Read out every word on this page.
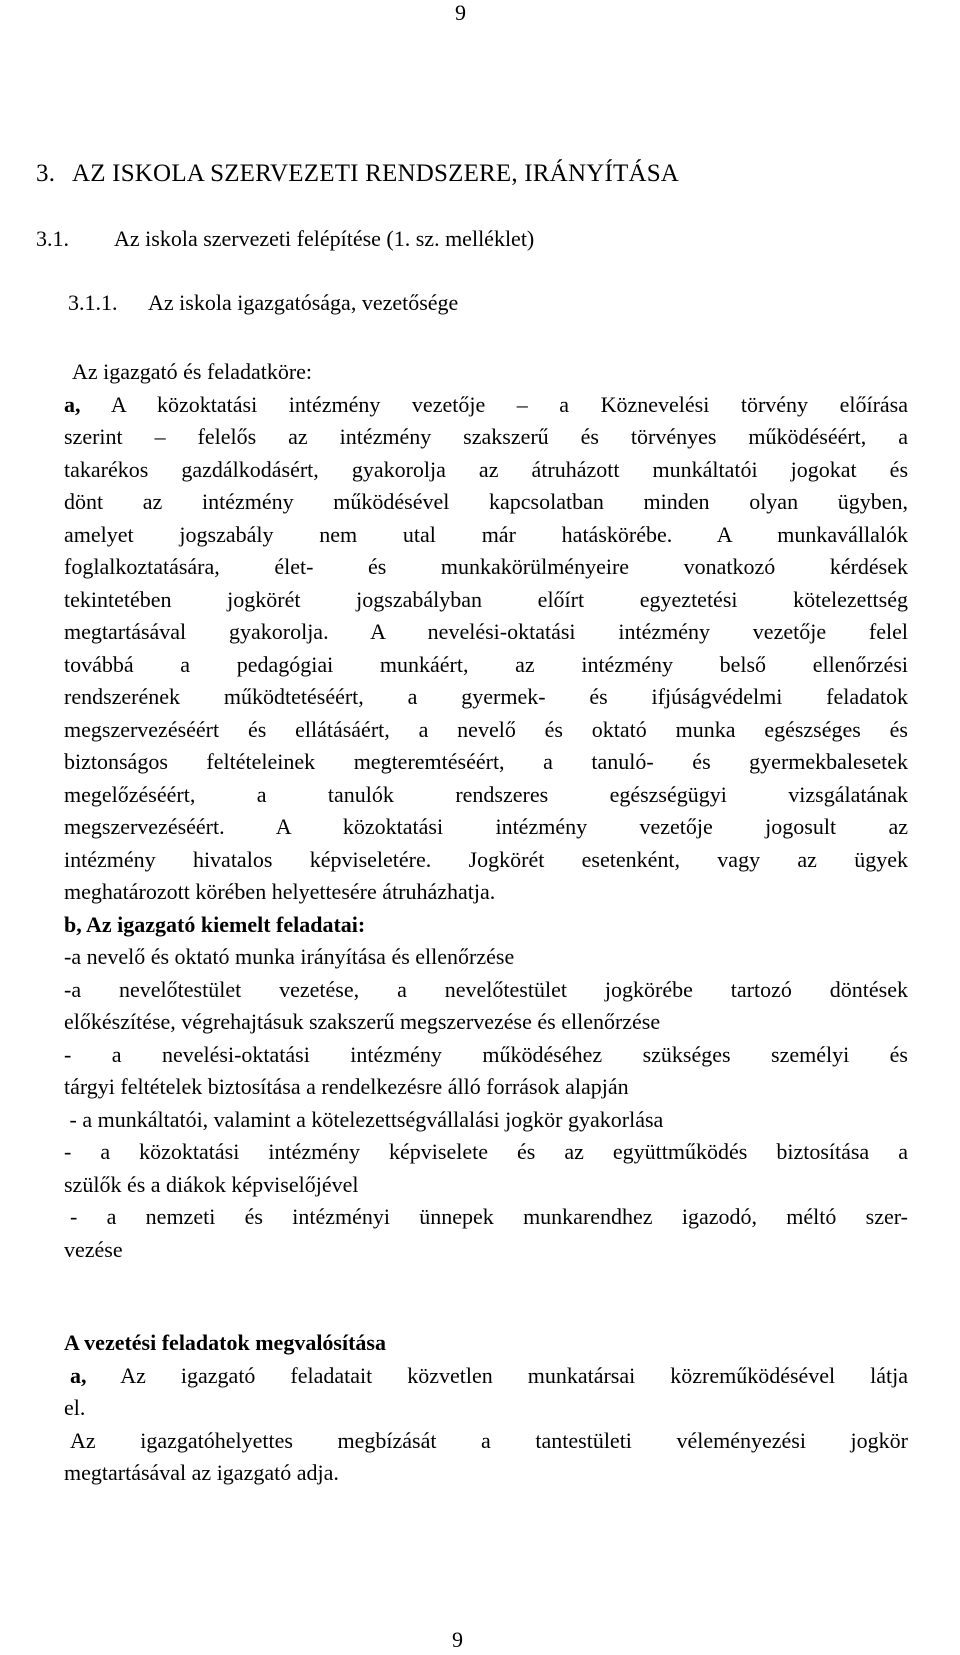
9
3. AZ ISKOLA SZERVEZETI RENDSZERE, IRÁNYÍTÁSA
3.1. Az iskola szervezeti felépítése (1. sz. melléklet)
3.1.1. Az iskola igazgatósága, vezetősége
Az igazgató és feladatköre:
a, A közoktatási intézmény vezetője – a Köznevelési törvény előírása
szerint – felelős az intézmény szakszerű és törvényes működéséért, a
takarékos gazdálkodásért, gyakorolja az átruházott munkáltatói jogokat és
dönt az intézmény működésével kapcsolatban minden olyan ügyben,
amelyet jogszabály nem utal már hatáskörébe. A munkavállalók
foglalkoztatására, élet- és munkakörülményeire vonatkozó kérdések
tekintetében jogkörét jogszabályban előírt egyeztetési kötelezettség
megtartásával gyakorolja. A nevelési-oktatási intézmény vezetője felel
továbbá a pedagógiai munkáért, az intézmény belső ellenőrzési
rendszerének működtetéséért, a gyermek- és ifjúságvédelmi feladatok
megszervezéséért és ellátásáért, a nevelő és oktató munka egészséges és
biztonságos feltételeinek megteremtéséért, a tanuló- és gyermekbalesetek
megelőzéséért, a tanulók rendszeres egészségügyi vizsgálatának
megszervezéséért. A közoktatási intézmény vezetője jogosult az
intézmény hivatalos képviseletére. Jogkörét esetenként, vagy az ügyek
meghatározott körében helyettesére átruházhatja.
b, Az igazgató kiemelt feladatai:
-a nevelő és oktató munka irányítása és ellenőrzése
-a nevelőtestület vezetése, a nevelőtestület jogkörébe tartozó döntések
előkészítése, végrehajtásuk szakszerű megszervezése és ellenőrzése
- a nevelési-oktatási intézmény működéséhez szükséges személyi és
tárgyi feltételek biztosítása a rendelkezésre álló források alapján
- a munkáltatói, valamint a kötelezettségvállalási jogkör gyakorlása
- a közoktatási intézmény képviselete és az együttműködés biztosítása a
szülők és a diákok képviselőjével
- a nemzeti és intézményi ünnepek munkarendhez igazodó, méltó szer-
vezése
A vezetési feladatok megvalósítása
a, Az igazgató feladatait közvetlen munkatársai közreműködésével látja
el.
Az igazgatóhelyettes megbízását a tantestületi véleményezési jogkör
megtartásával az igazgató adja.
9
